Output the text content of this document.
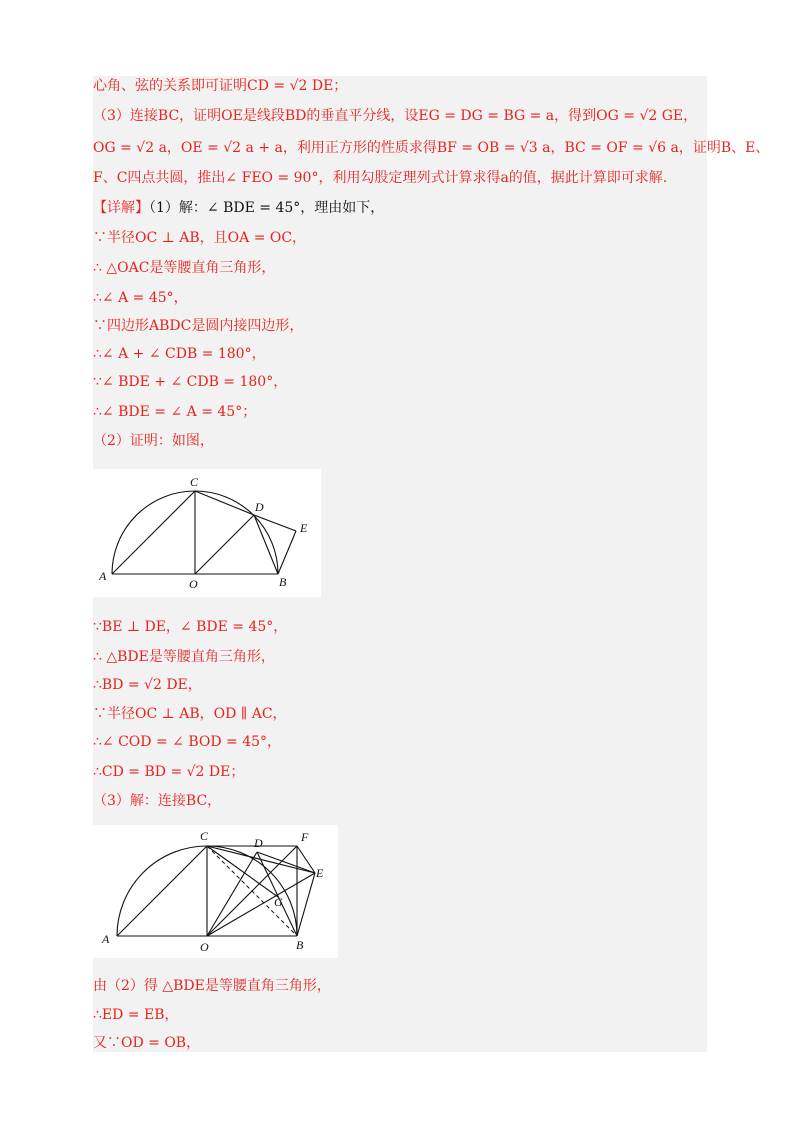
心角、弦的关系即可证明CD = √2 DE；
（3）连接BC，证明OE是线段BD的垂直平分线，设EG = DG = BG = a，得到OG = √2 GE，
OG = √2 a，OE = √2 a + a，利用正方形的性质求得BF = OB = √3 a，BC = OF = √6 a，证明B、E、
F、C四点共圆，推出∠ FEO = 90°，利用勾股定理列式计算求得a的值，据此计算即可求解.
【详解】（1）解：∠ BDE = 45°，理由如下，
∵半径OC ⊥ AB，且OA = OC，
∴ △OAC是等腰直角三角形，
∴∠ A = 45°，
∵四边形ABDC是圆内接四边形，
∴∠ A + ∠ CDB = 180°，
∵∠ BDE + ∠ CDB = 180°，
∴∠ BDE = ∠ A = 45°；
（2）证明：如图，
A
O	B
C
D
E
∵BE ⊥ DE，∠ BDE = 45°，
∴ △BDE是等腰直角三角形，
∴BD = √2 DE，
∵半径OC ⊥ AB，OD ∥ AC，
∴∠ COD = ∠ BOD = 45°，
∴CD = BD = √2 DE；
（3）解：连接BC，
A
O	B
C	D	F
E
G
由（2）得 △BDE是等腰直角三角形，
∴ED = EB，
又∵OD = OB，
